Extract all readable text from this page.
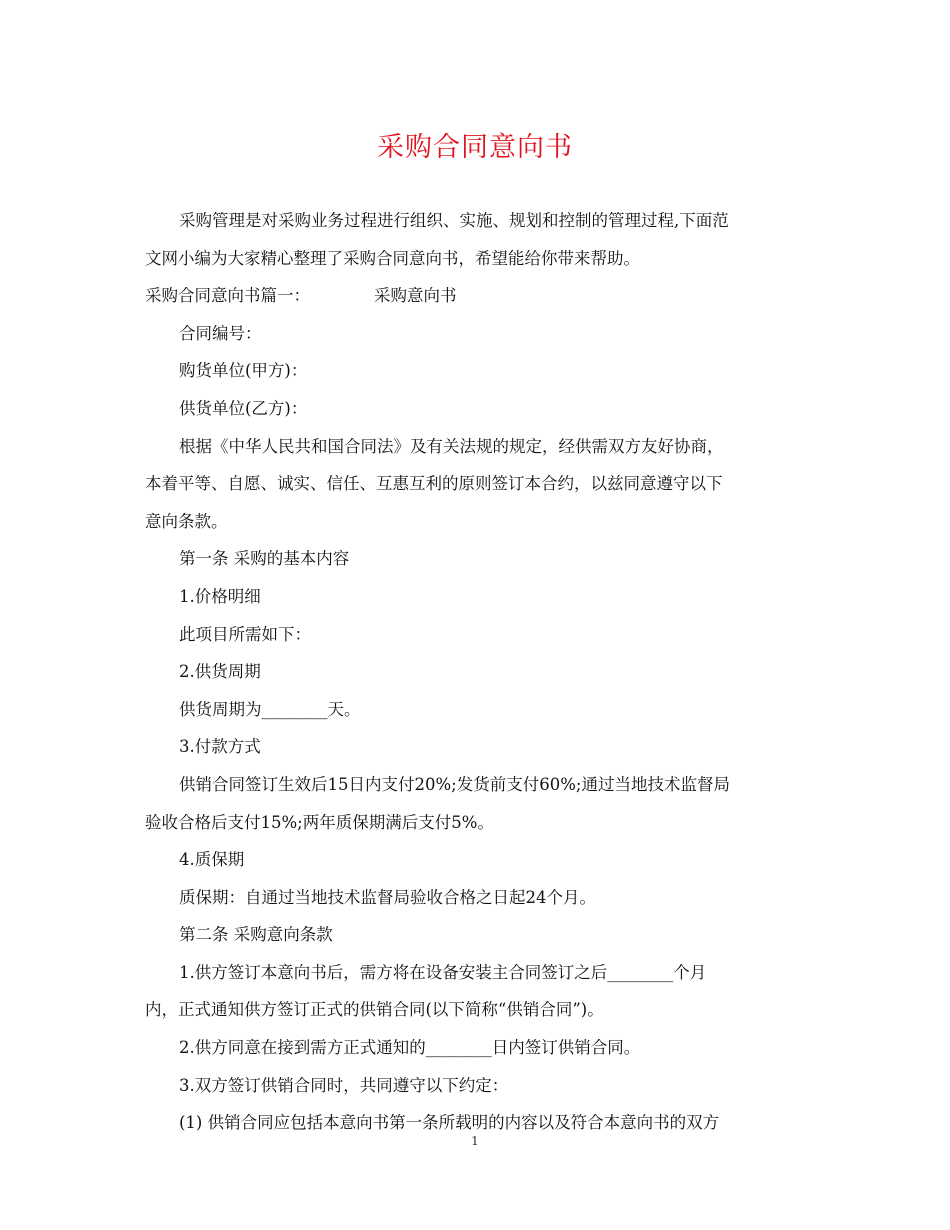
采购合同意向书
采购管理是对采购业务过程进行组织、实施、规划和控制的管理过程,下面范
文网小编为大家精心整理了采购合同意向书，希望能给你带来帮助。
采购合同意向书篇一：	采购意向书
合同编号：
购货单位(甲方)：
供货单位(乙方)：
根据《中华人民共和国合同法》及有关法规的规定，经供需双方友好协商，
本着平等、自愿、诚实、信任、互惠互利的原则签订本合约，以兹同意遵守以下
意向条款。
第一条 采购的基本内容
1.价格明细
此项目所需如下：
2.供货周期
供货周期为________天。
3.付款方式
供销合同签订生效后15日内支付20%;发货前支付60%;通过当地技术监督局
验收合格后支付15%;两年质保期满后支付5%。
4.质保期
质保期：自通过当地技术监督局验收合格之日起24个月。
第二条 采购意向条款
1.供方签订本意向书后，需方将在设备安装主合同签订之后________个月
内，正式通知供方签订正式的供销合同(以下简称“供销合同”)。
2.供方同意在接到需方正式通知的________日内签订供销合同。
3.双方签订供销合同时，共同遵守以下约定：
(1) 供销合同应包括本意向书第一条所载明的内容以及符合本意向书的双方
1
